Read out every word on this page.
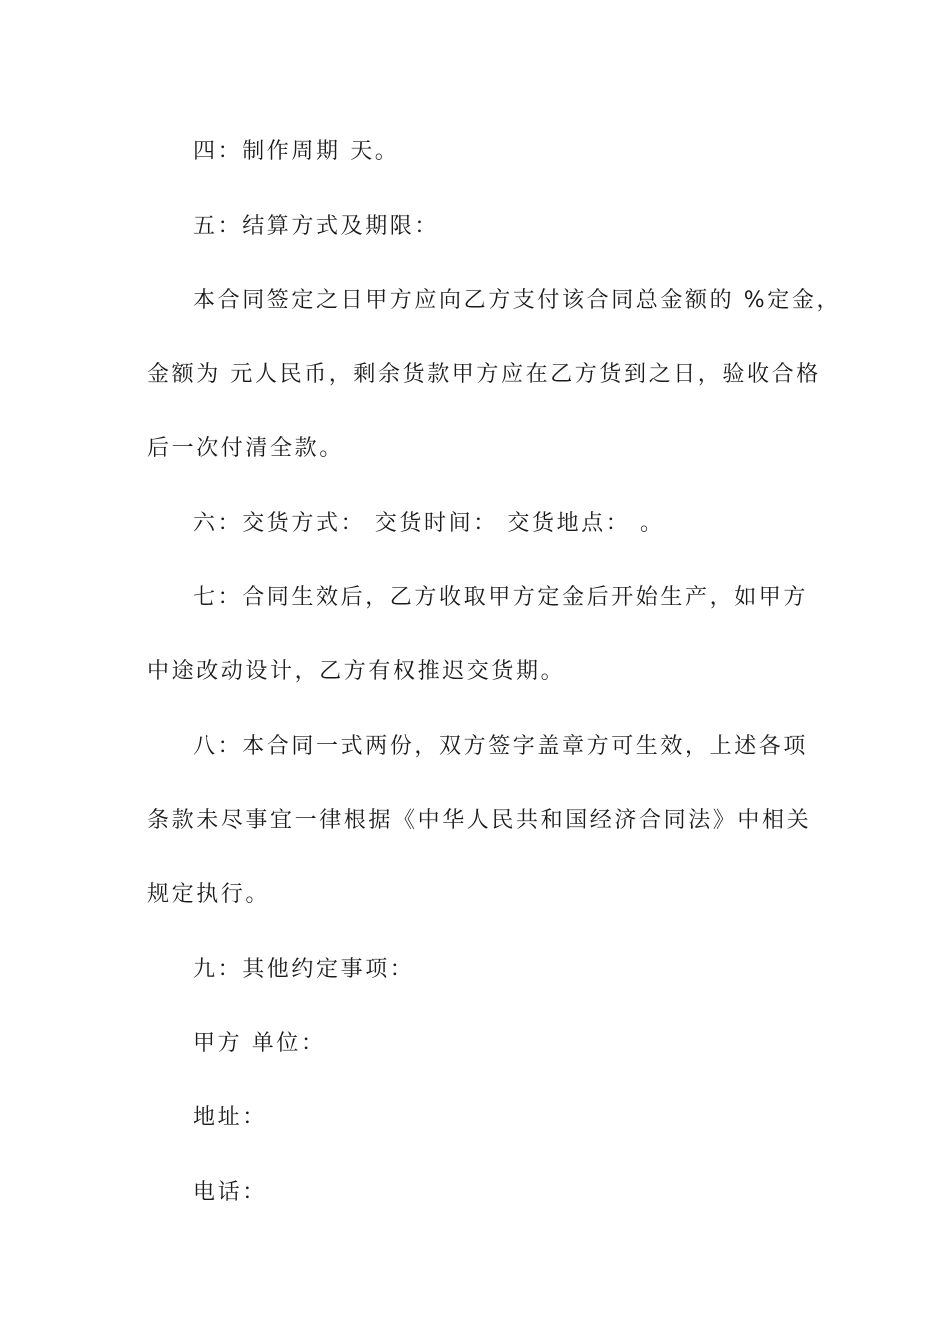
四：制作周期 天。
五：结算方式及期限：
本合同签定之日甲方应向乙方支付该合同总金额的 %定金，
金额为 元人民币，剩余货款甲方应在乙方货到之日，验收合格
后一次付清全款。
六：交货方式： 交货时间： 交货地点： 。
七：合同生效后，乙方收取甲方定金后开始生产，如甲方
中途改动设计，乙方有权推迟交货期。
八：本合同一式两份，双方签字盖章方可生效，上述各项
条款未尽事宜一律根据《中华人民共和国经济合同法》中相关
规定执行。
九：其他约定事项：
甲方 单位：
地址：
电话：
